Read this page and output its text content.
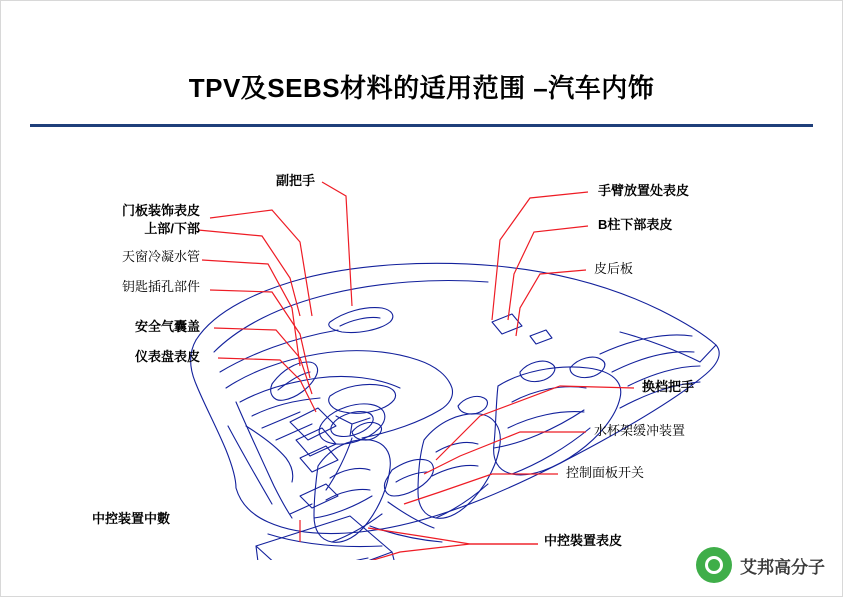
TPV及SEBS材料的适用范围 –汽车内饰
门板装饰表皮
上部/下部
天窗冷凝水管
钥匙插孔部件
安全气囊盖
仪表盘表皮
副把手
手臂放置处表皮
B柱下部表皮
皮后板
换档把手
水杯架缓冲装置
控制面板开关
中控装置中數
中控裝置表皮
艾邦高分子
